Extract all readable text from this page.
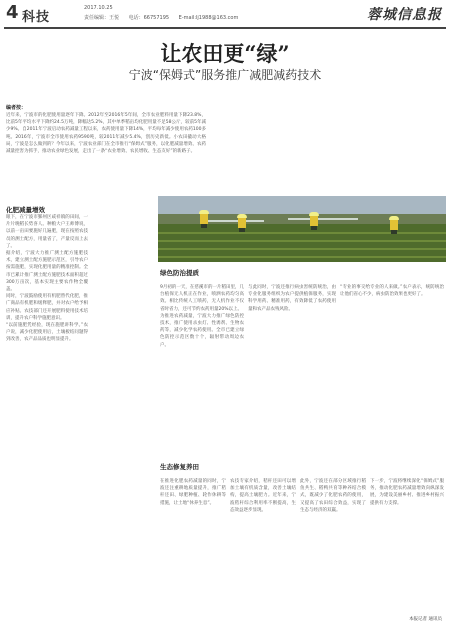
4 科技
2017.10.25
责任编辑：王悦 电话：66757195 E-mail:lj1988@163.com	蓉城信息报
让农田更“绿”
宁波“保姆式”服务推广减肥减药技术
编者按：
近年来，宁波市的化肥使用量逐年下降。2012年至2016年5年间，全市农业肥料用量下降23.8%，比前5年平均水平下降约24.5万吨，降幅达5.2%，其中单季稻亩均化肥用量不足58公斤，较前5年减少9%。自2011年宁波启动农药减量工程以来，农药使用量下降14%，平均每年减少使用农药100多吨。2016年，宁波市全市使用农药9590吨，较2011年减少5.4%，创历史新低。小农田撬动大格局，宁波是怎么做到的？今年以来，宁波农业部门在全市推行“保姆式”服务，以化肥减量增效、农药减量控害为抓手，推动农业绿色发展，走出了一条“农业增效、农民增收、生态友好”的新路子。
化肥减量增效
眼下，在宁波市鄞州区咸祥镇的田间，一片片晚稻长势喜人。种粮大户王师傅说，以前一亩田要施好几遍肥，现在按照农技员的测土配方，用量省了，产量反而上去了。
据介绍，宁波大力推广测土配方施肥技术，建立测土配方施肥示范区，引导农户按需施肥，实现化肥用量的精准控制。全市已累计推广测土配方施肥技术面积超过300万亩次，基本实现主要农作物全覆盖。
同时，宁波鼓励使用有机肥替代化肥，推广商品有机肥和缓释肥，并对农户给予相应补贴。农技部门还开展肥料使用技术培训，提升农户科学施肥意识。
“以前施肥凭经验，现在施肥讲科学。”农户说，减少化肥使用后，土壤板结问题得到改善，农产品品质也明显提升。
绿色防治提质
9月初的一天，在慈溪市的一片稻田里，几台植保无人机正在作业，喷洒农药均匀高效。相比传统人工喷药，无人机作业不仅省时省力，还可节约农药用量20%以上。
为推进农药减量，宁波大力推广绿色防控技术，推广使用杀虫灯、性诱剂、生物农药等，减少化学农药使用。全市已建立绿色防控示范区数十个，辐射带动周边农户。
与此同时，宁波还推行病虫害统防统治，由专业化服务组织为农户提供植保服务，实现科学用药、精准用药，有效降低了农药使用量和农产品农残风险。
“专业的事交给专业的人来做。”农户表示，统防统治让他们省心不少，病虫防治效果也更好了。
生态修复养田
在推进化肥农药减量的同时，宁波还注重耕地质量提升，推广秸秆还田、绿肥种植、轮作休耕等措施，让土地“休养生息”。
农技专家介绍，秸秆还田可以增加土壤有机质含量，改善土壤结构，提高土壤肥力。近年来，宁波秸秆综合利用率不断提高，生态效益逐步显现。
此外，宁波还在部分区域推行稻鱼共生、稻鸭共育等种养结合模式，既减少了化肥农药的使用，又提高了农田综合效益，实现了生态与经济的双赢。
下一步，宁波将继续深化“保姆式”服务，推动化肥农药减量增效向纵深发展，为建设美丽乡村、推进乡村振兴提供有力支撑。
本报记者 通讯员
